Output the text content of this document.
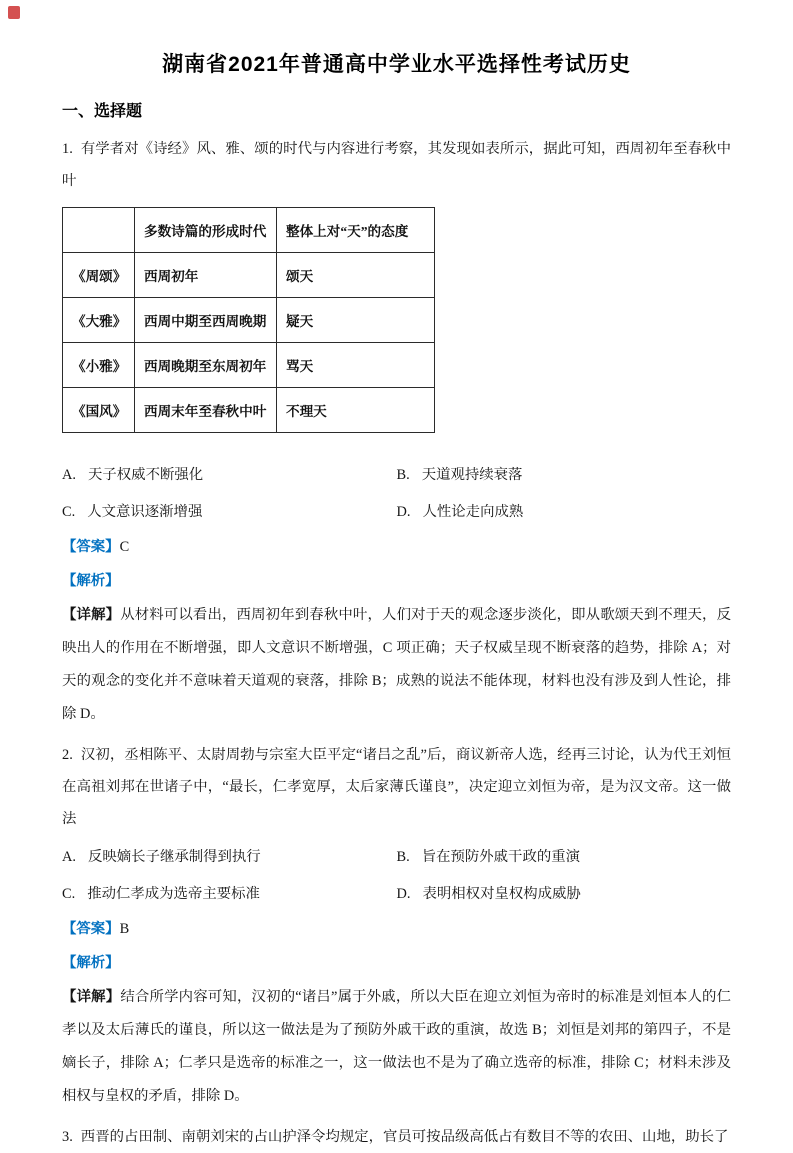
湖南省2021年普通高中学业水平选择性考试历史
一、选择题

1. 有学者对《诗经》风、雅、颂的时代与内容进行考察，其发现如表所示，据此可知，西周初年至春秋中叶

	多数诗篇的形成时代	整体上对“天”的态度
《周颂》	西周初年	颂天
《大雅》	西周中期至西周晚期	疑天
《小雅》	西周晚期至东周初年	骂天
《国风》	西周末年至春秋中叶	不理天
A. 天子权威不断强化	B. 天道观持续衰落
C. 人文意识逐渐增强	D. 人性论走向成熟

【答案】C

【解析】

【详解】从材料可以看出，西周初年到春秋中叶，人们对于天的观念逐步淡化，即从歌颂天到不理天，反映出人的作用在不断增强，即人文意识不断增强，C 项正确；天子权威呈现不断衰落的趋势，排除 A；对天的观念的变化并不意味着天道观的衰落，排除 B；成熟的说法不能体现，材料也没有涉及到人性论，排除 D。

2. 汉初，丞相陈平、太尉周勃与宗室大臣平定“诸吕之乱”后，商议新帝人选，经再三讨论，认为代王刘恒在高祖刘邦在世诸子中，“最长，仁孝宽厚，太后家薄氏谨良”，决定迎立刘恒为帝，是为汉文帝。这一做法

A. 反映嫡长子继承制得到执行	B. 旨在预防外戚干政的重演
C. 推动仁孝成为选帝主要标准	D. 表明相权对皇权构成威胁

【答案】B

【解析】

【详解】结合所学内容可知，汉初的“诸吕”属于外戚，所以大臣在迎立刘恒为帝时的标准是刘恒本人的仁孝以及太后薄氏的谨良，所以这一做法是为了预防外戚干政的重演，故选 B；刘恒是刘邦的第四子，不是嫡长子，排除 A；仁孝只是选帝的标准之一，这一做法也不是为了确立选帝的标准，排除 C；材料未涉及相权与皇权的矛盾，排除 D。

3. 西晋的占田制、南朝刘宋的占山护泽令均规定，官员可按品级高低占有数目不等的农田、山地，助长了
